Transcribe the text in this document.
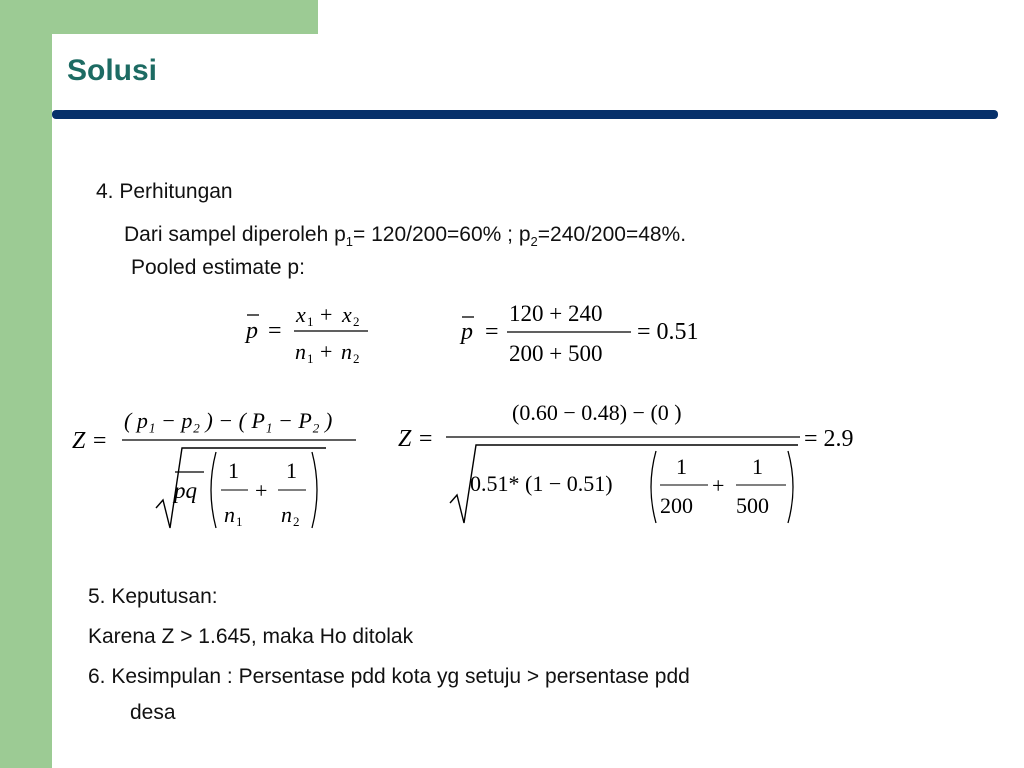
Solusi
4. Perhitungan
Dari sampel diperoleh $p_1= 120/200=60\%$ ; $p_2=240/200=48\%$.
Pooled estimate p:
p =
x 1 + x 2
n 1 + n 2
p =
120 + 240
200 + 500
= 0.51
Z =
( p₁ − p₂ ) − ( P₁ − P₂ )
pq
1
n 1
+
1
n 2
Z =
(0.60 − 0.48) − (0 )
0.51* (1 − 0.51)
1
200
+
1
500
= 2.9
5. Keputusan:
Karena Z > 1.645, maka Ho ditolak
6. Kesimpulan : Persentase pdd kota yg setuju > persentase pdd
desa
